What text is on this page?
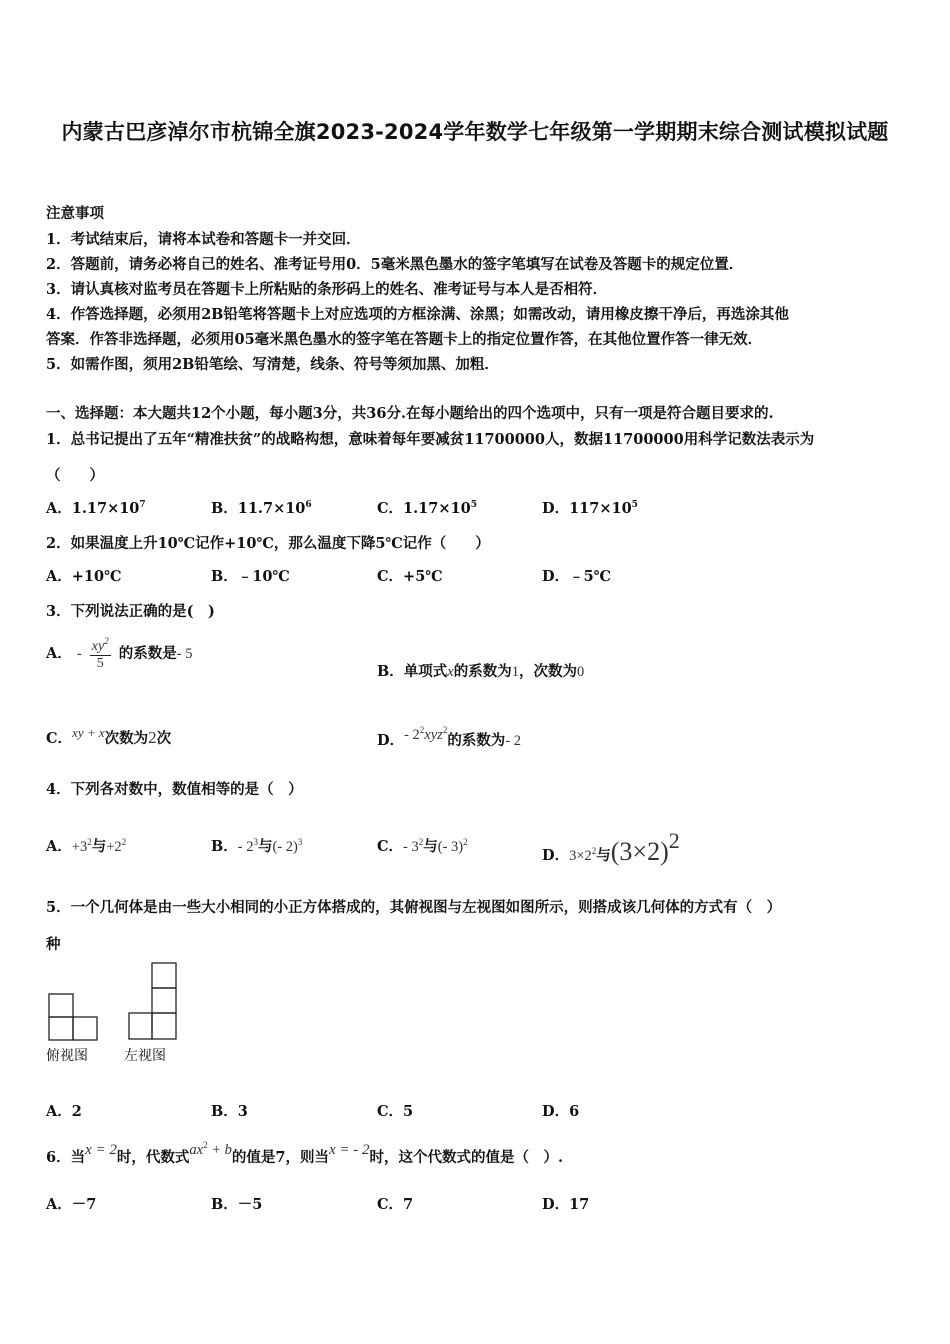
内蒙古巴彦淖尔市杭锦全旗2023-2024学年数学七年级第一学期期末综合测试模拟试题
注意事项
1．考试结束后，请将本试卷和答题卡一并交回．
2．答题前，请务必将自己的姓名、准考证号用0．5毫米黑色墨水的签字笔填写在试卷及答题卡的规定位置．
3．请认真核对监考员在答题卡上所粘贴的条形码上的姓名、准考证号与本人是否相符．
4．作答选择题，必须用2B铅笔将答题卡上对应选项的方框涂满、涂黑；如需改动，请用橡皮擦干净后，再选涂其他
答案．作答非选择题，必须用05毫米黑色墨水的签字笔在答题卡上的指定位置作答，在其他位置作答一律无效．
5．如需作图，须用2B铅笔绘、写清楚，线条、符号等须加黑、加粗．
一、选择题：本大题共12个小题，每小题3分，共36分.在每小题给出的四个选项中，只有一项是符合题目要求的.
1．总书记提出了五年“精准扶贫”的战略构想，意味着每年要减贫11700000人，数据11700000用科学记数法表示为
（　　）
A．$1.17\times 10^7$	B．$11.7\times 10^6$	C．$1.17\times 10^5$	D．$117\times 10^5$
2．如果温度上升10℃记作+10℃，那么温度下降5℃记作（　　）
A．+10℃	B．﹣10℃	C．+5℃	D．﹣5℃
3．下列说法正确的是(　)
A． - $\frac{xy^2}{5}$ 的系数是- 5
B．单项式x的系数为1，次数为0
C．xy + x次数为2次	D．- $2^2xyz^2$的系数为- 2
4．下列各对数中，数值相等的是（　）
A．$+3^2$与$+2^2$	B．- $2^3$与(- 2)$^3$	C．- $3^2$与(- 3)$^2$
D．$3\times 2^2$与$(3\times 2)^2$
5．一个几何体是由一些大小相同的小正方体搭成的，其俯视图与左视图如图所示，则搭成该几何体的方式有（　）
种
俯视图	左视图
A．2	B．3	C．5	D．6
6．当x = 2时，代数式$ax^2 + b$的值是7，则当x = - 2时，这个代数式的值是（　）.
A．－7	B．－5	C．7	D．17
